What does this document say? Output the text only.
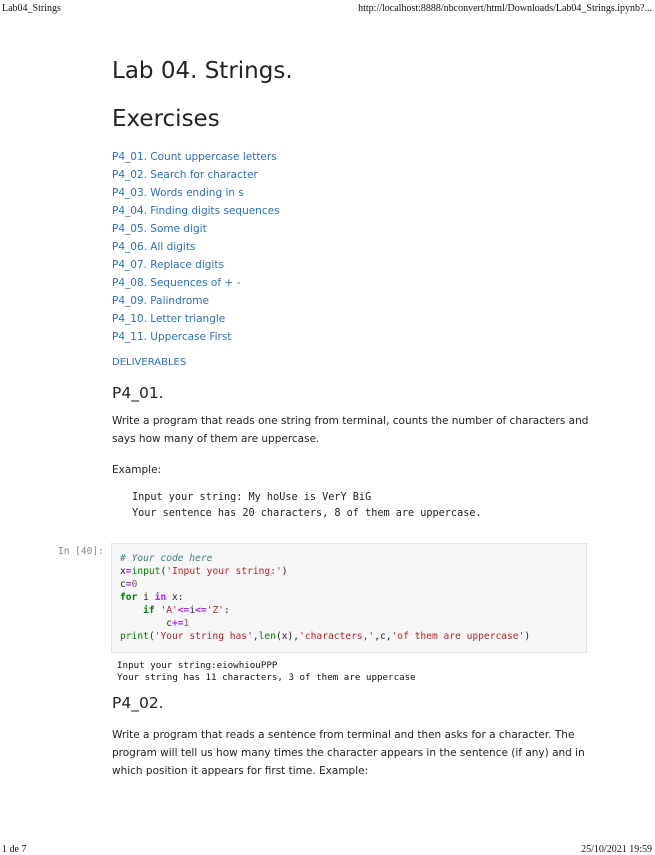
Lab04_Strings	http://localhost:8888/nbconvert/html/Downloads/Lab04_Strings.ipynb?...
Lab 04. Strings.
Exercises
P4_01. Count uppercase letters
P4_02. Search for character
P4_03. Words ending in s
P4_04. Finding digits sequences
P4_05. Some digit
P4_06. All digits
P4_07. Replace digits
P4_08. Sequences of + -
P4_09. Palindrome
P4_10. Letter triangle
P4_11. Uppercase First
DELIVERABLES
P4_01.

Write a program that reads one string from terminal, counts the number of characters and says how many of them are uppercase.

Example:

Input your string: My hoUse is VerY BiG
Your sentence has 20 characters, 8 of them are uppercase.
In [40]:
# Your code here
x=input('Input your string:')
c=0
for i in x:
if 'A'<=i<='Z':
c+=1
print('Your string has',len(x),'characters,',c,'of them are uppercase')
Input your string:eiowhiouPPP
Your string has 11 characters, 3 of them are uppercase
P4_02.

Write a program that reads a sentence from terminal and then asks for a character. The program will tell us how many times the character appears in the sentence (if any) and in which position it appears for first time. Example:

1 de 7	25/10/2021 19:59
